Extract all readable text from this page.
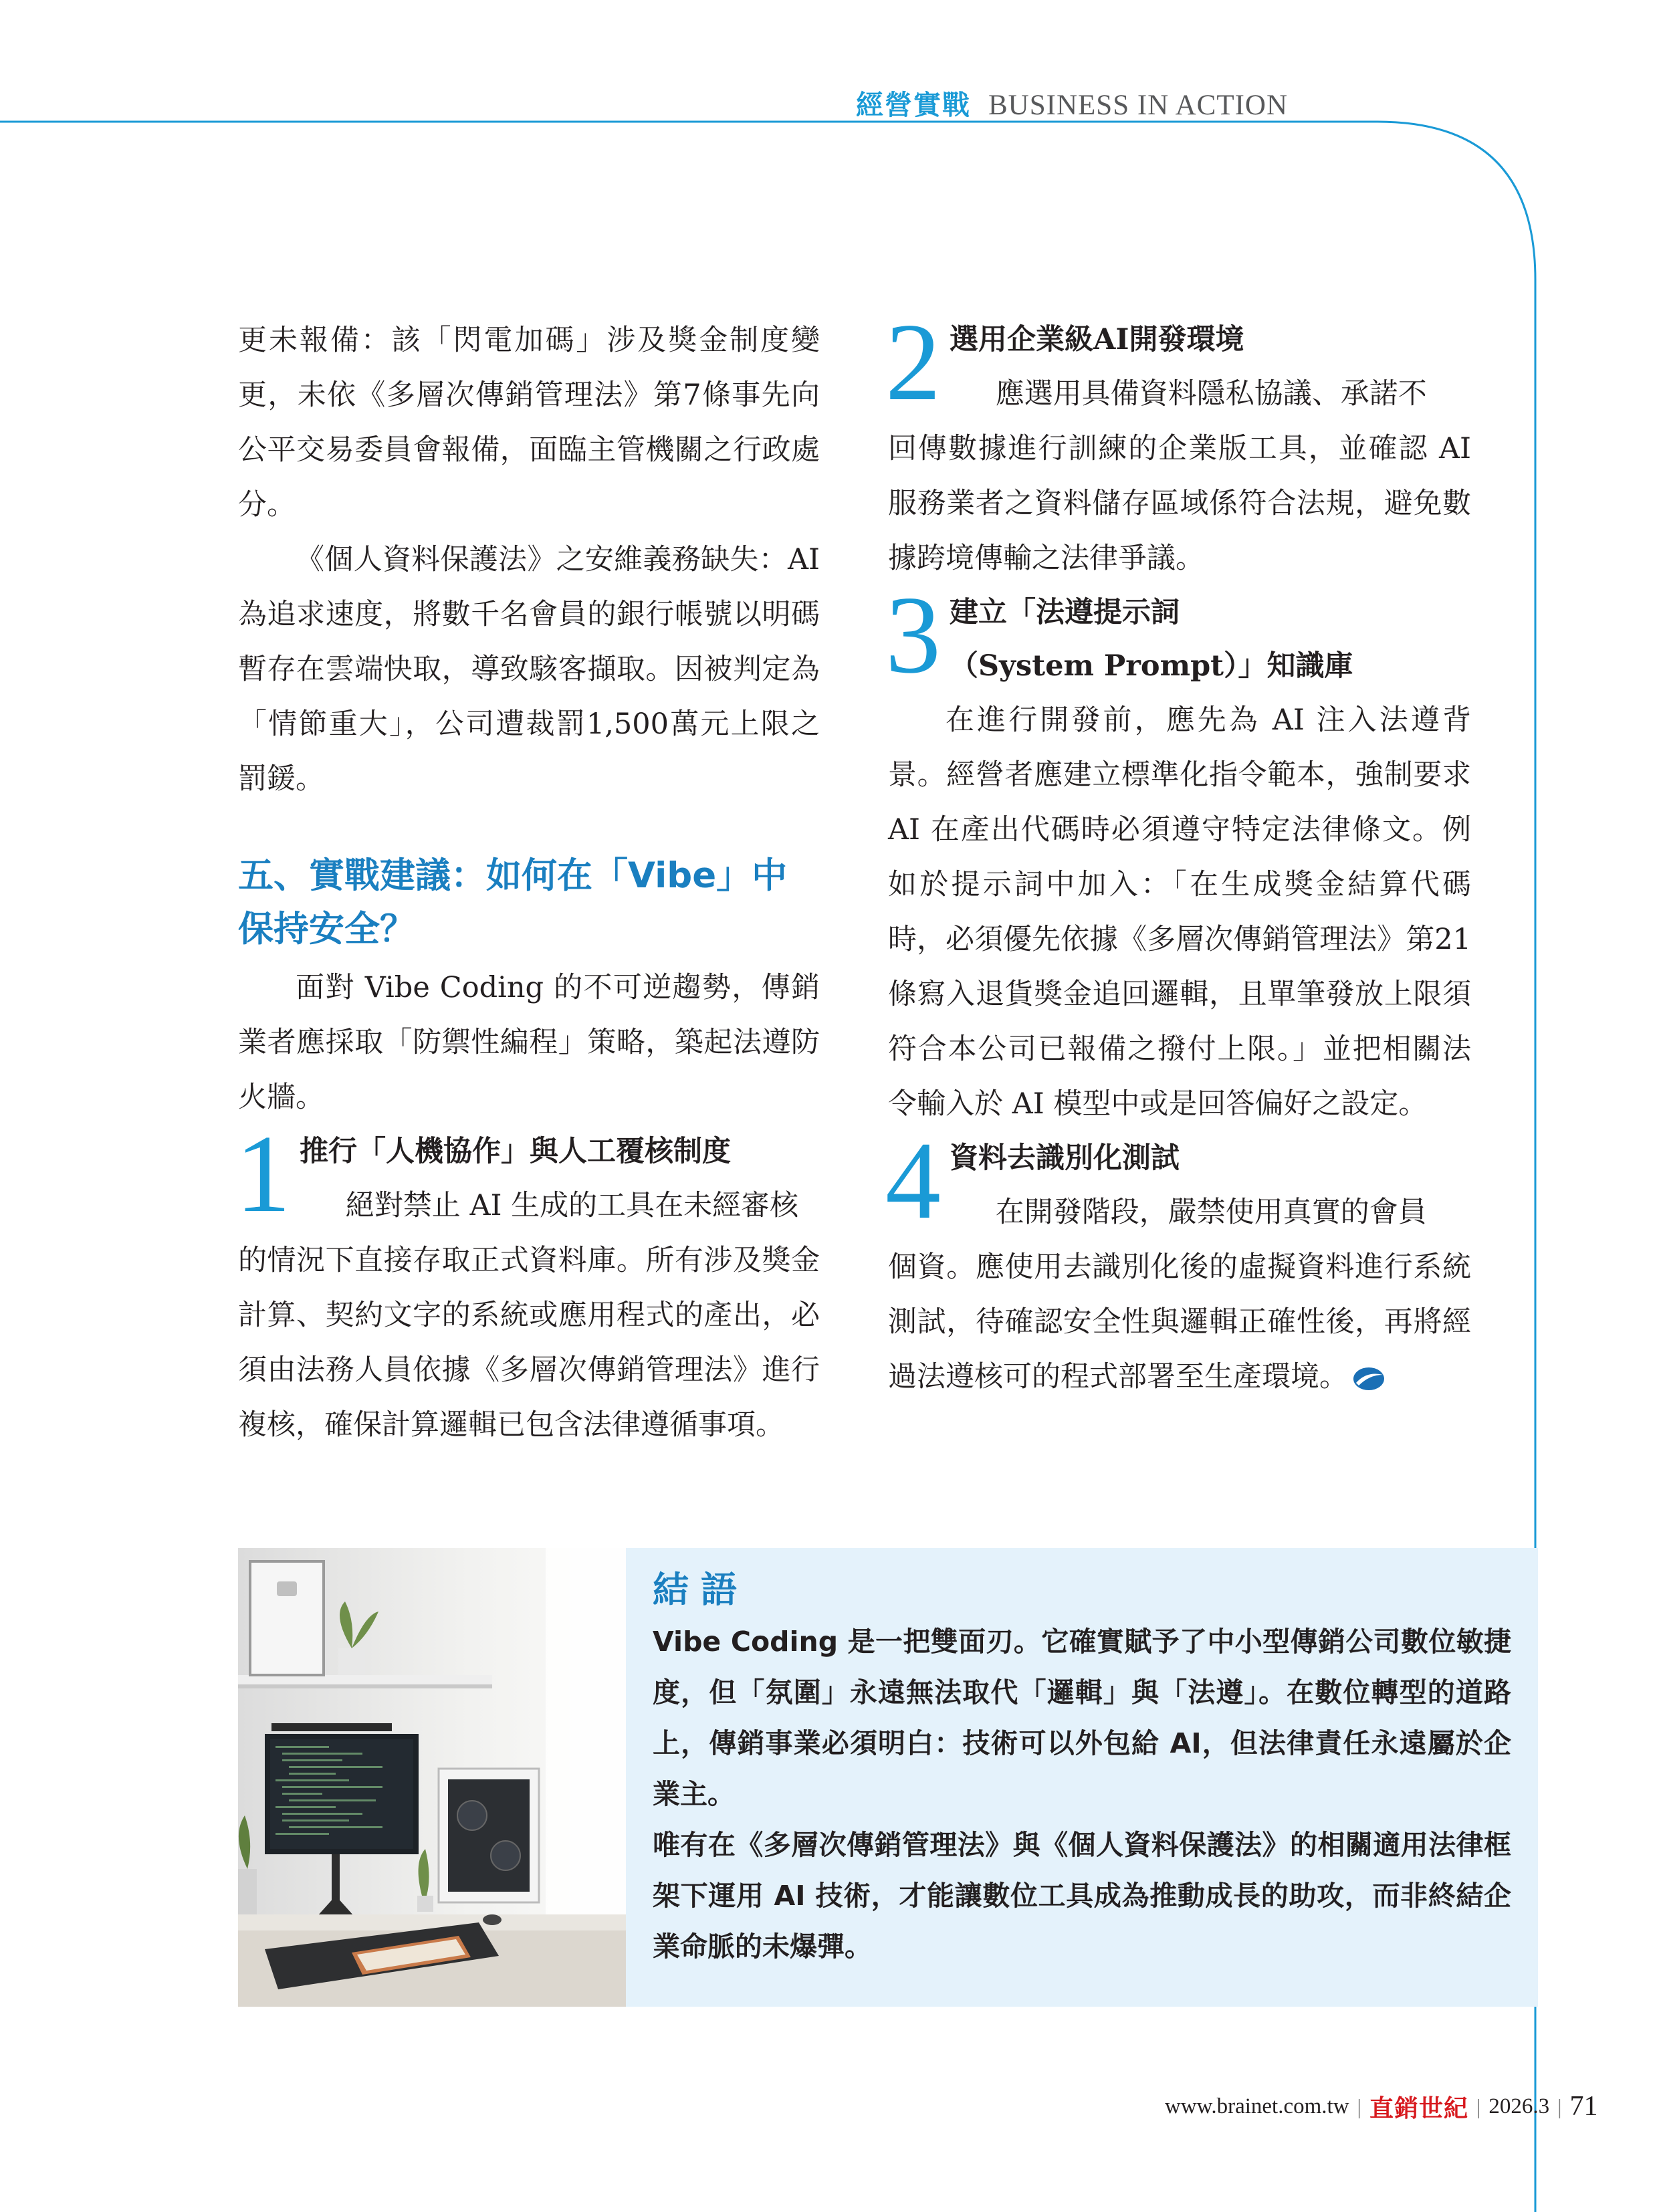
經營實戰 BUSINESS IN ACTION

更未報備：該「閃電加碼」涉及獎金制度變更，未依《多層次傳銷管理法》第7條事先向公平交易委員會報備，面臨主管機關之行政處分。

《個人資料保護法》之安維義務缺失：AI 為追求速度，將數千名會員的銀行帳號以明碼暫存在雲端快取，導致駭客擷取。因被判定為「情節重大」，公司遭裁罰1,500萬元上限之罰鍰。

五、實戰建議：如何在「Vibe」中保持安全？

面對 Vibe Coding 的不可逆趨勢，傳銷業者應採取「防禦性編程」策略，築起法遵防火牆。

1 推行「人機協作」與人工覆核制度
絕對禁止 AI 生成的工具在未經審核

的情況下直接存取正式資料庫。所有涉及獎金計算、契約文字的系統或應用程式的產出，必須由法務人員依據《多層次傳銷管理法》進行複核，確保計算邏輯已包含法律遵循事項。

2 選用企業級AI開發環境
應選用具備資料隱私協議、承諾不

回傳數據進行訓練的企業版工具，並確認 AI 服務業者之資料儲存區域係符合法規，避免數據跨境傳輸之法律爭議。

3 建立「法遵提示詞
（System Prompt）」知識庫

在進行開發前，應先為 AI 注入法遵背景。經營者應建立標準化指令範本，強制要求 AI 在產出代碼時必須遵守特定法律條文。例如於提示詞中加入：「在生成獎金結算代碼時，必須優先依據《多層次傳銷管理法》第21條寫入退貨獎金追回邏輯，且單筆發放上限須符合本公司已報備之撥付上限。」並把相關法令輸入於 AI 模型中或是回答偏好之設定。

4 資料去識別化測試
在開發階段，嚴禁使用真實的會員

個資。應使用去識別化後的虛擬資料進行系統測試，待確認安全性與邏輯正確性後，再將經過法遵核可的程式部署至生產環境。

結語

Vibe Coding 是一把雙面刃。它確實賦予了中小型傳銷公司數位敏捷度，但「氛圍」永遠無法取代「邏輯」與「法遵」。在數位轉型的道路上，傳銷事業必須明白：技術可以外包給 AI，但法律責任永遠屬於企業主。

唯有在《多層次傳銷管理法》與《個人資料保護法》的相關適用法律框架下運用 AI 技術，才能讓數位工具成為推動成長的助攻，而非終結企業命脈的未爆彈。

www.brainet.com.tw | 直銷世紀 | 2026.3 | 71
